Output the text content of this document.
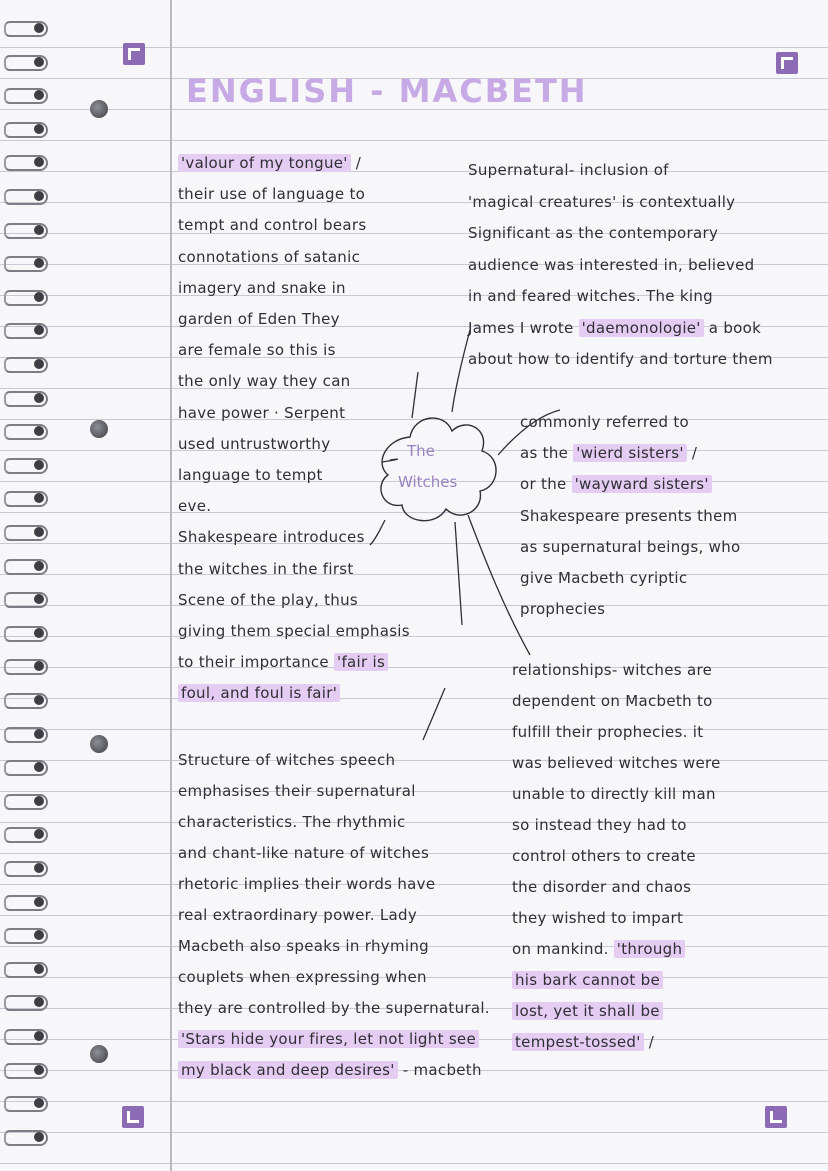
ENGLISH - MACBETH
The
Witches
'valour of my tongue' /
their use of language to
tempt and control bears
connotations of satanic
imagery and snake in
garden of Eden They
are female so this is
the only way they can
have power · Serpent
used untrustworthy
language to tempt
eve.
Shakespeare introduces
the witches in the first
Scene of the play, thus
giving them special emphasis
to their importance 'fair is
foul, and foul is fair'
Supernatural- inclusion of
'magical creatures' is contextually
Significant as the contemporary
audience was interested in, believed
in and feared witches. The king
James I wrote 'daemonologie' a book
about how to identify and torture them
commonly referred to
as the 'wierd sisters' /
or the 'wayward sisters'
Shakespeare presents them
as supernatural beings, who
give Macbeth cyriptic
prophecies
relationships- witches are
dependent on Macbeth to
fulfill their prophecies. it
was believed witches were
unable to directly kill man
so instead they had to
control others to create
the disorder and chaos
they wished to impart
on mankind. 'through
his bark cannot be
lost, yet it shall be
tempest-tossed' /
Structure of witches speech
emphasises their supernatural
characteristics. The rhythmic
and chant-like nature of witches
rhetoric implies their words have
real extraordinary power. Lady
Macbeth also speaks in rhyming
couplets when expressing when
they are controlled by the supernatural.
'Stars hide your fires, let not light see
my black and deep desires' - macbeth
